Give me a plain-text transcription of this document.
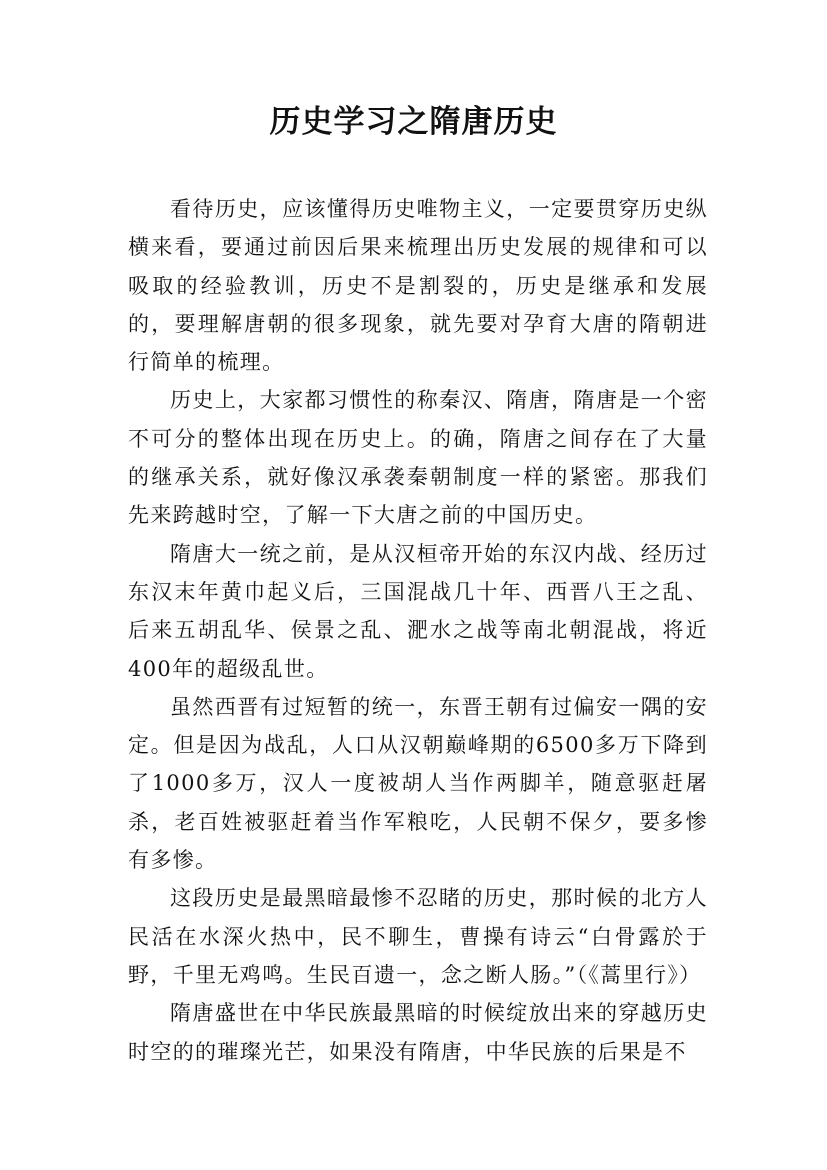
历史学习之隋唐历史

看待历史，应该懂得历史唯物主义，一定要贯穿历史纵横来看，要通过前因后果来梳理出历史发展的规律和可以吸取的经验教训，历史不是割裂的，历史是继承和发展的，要理解唐朝的很多现象，就先要对孕育大唐的隋朝进行简单的梳理。

历史上，大家都习惯性的称秦汉、隋唐，隋唐是一个密不可分的整体出现在历史上。的确，隋唐之间存在了大量的继承关系，就好像汉承袭秦朝制度一样的紧密。那我们先来跨越时空，了解一下大唐之前的中国历史。

隋唐大一统之前，是从汉桓帝开始的东汉内战、经历过东汉末年黄巾起义后，三国混战几十年、西晋八王之乱、后来五胡乱华、侯景之乱、淝水之战等南北朝混战，将近400年的超级乱世。

虽然西晋有过短暂的统一，东晋王朝有过偏安一隅的安定。但是因为战乱，人口从汉朝巅峰期的6500多万下降到了1000多万，汉人一度被胡人当作两脚羊，随意驱赶屠杀，老百姓被驱赶着当作军粮吃，人民朝不保夕，要多惨有多惨。

这段历史是最黑暗最惨不忍睹的历史，那时候的北方人民活在水深火热中，民不聊生，曹操有诗云“白骨露於于野，千里无鸡鸣。生民百遗一，念之断人肠。”（《蒿里行》）

隋唐盛世在中华民族最黑暗的时候绽放出来的穿越历史时空的的璀璨光芒，如果没有隋唐，中华民族的后果是不
